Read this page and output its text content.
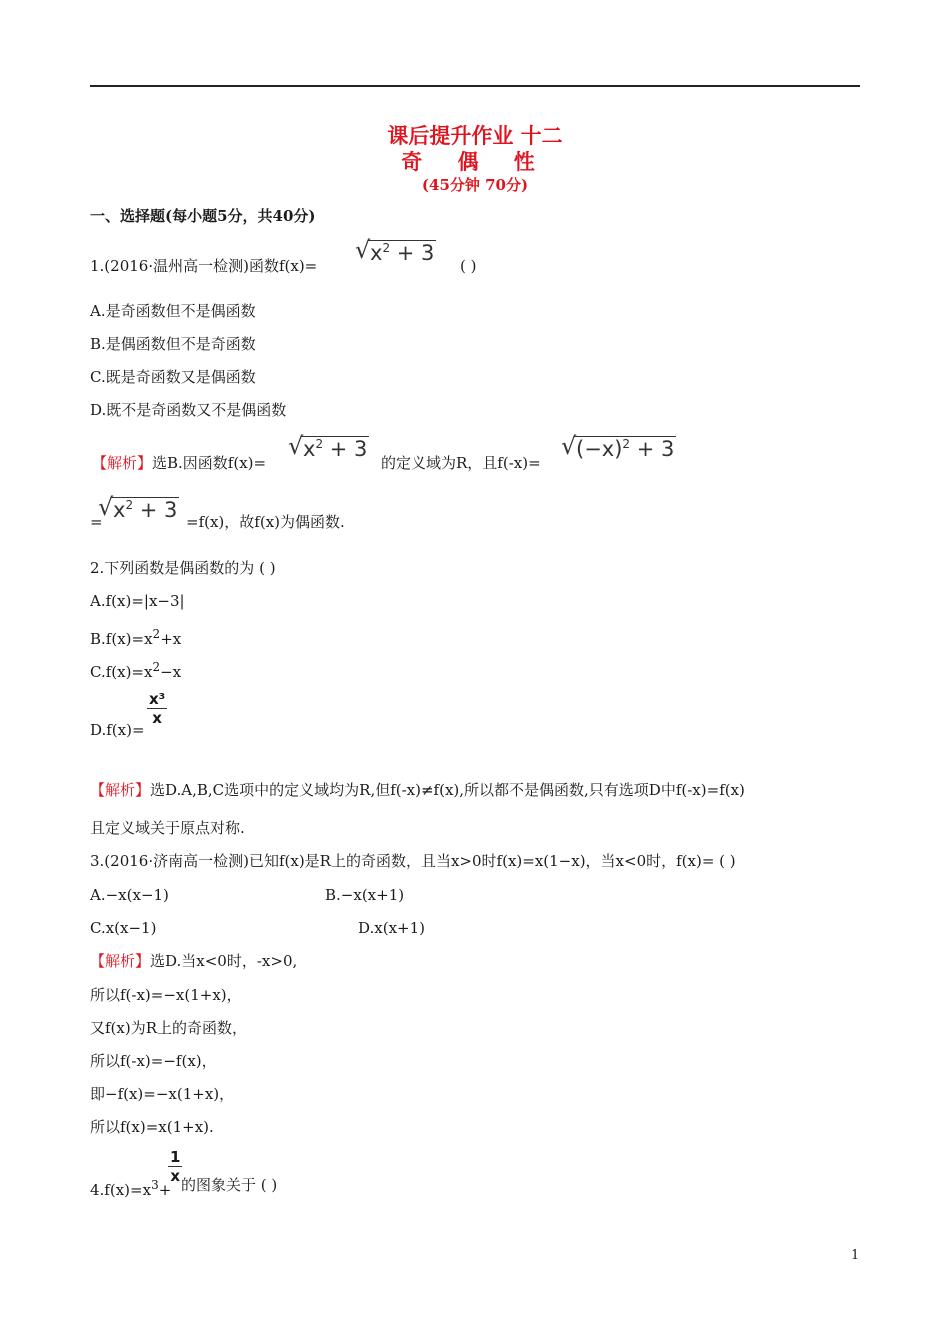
课后提升作业 十二
奇 偶 性
(45分钟 70分)
一、选择题(每小题5分，共40分)
1.(2016·温州高一检测)函数f(x)=
√ $x^2 + 3$
( )
A.是奇函数但不是偶函数
B.是偶函数但不是奇函数
C.既是奇函数又是偶函数
D.既不是奇函数又不是偶函数
【解析】选B.因函数f(x)=
√ $x^2 + 3$
的定义域为R，且f(-x)=
√ $(-x)^2 + 3$
=
√ $x^2 + 3 =f(x)$，故f(x)为偶函数.
2.下列函数是偶函数的为 ( )
A.f(x)=|x−3|
$B.f(x)=x^2+x$
$C.f(x)=x^2-x$
D.f(x)=
$\frac{\text{x³}}{x}$
【解析】选D.A,B,C选项中的定义域均为R,但f(-x)≠f(x),所以都不是偶函数,只有选项D中f(-x)=f(x)
且定义域关于原点对称.
3.(2016·济南高一检测)已知f(x)是R上的奇函数，且当x>0时f(x)=x(1−x)，当x<0时，f(x)= ( )
A.−x(x−1)	B.−x(x+1)
C.x(x−1)	D.x(x+1)
【解析】选D.当x<0时，-x>0,
所以f(-x)=−x(1+x)，
又f(x)为R上的奇函数，
所以f(-x)=−f(x)，
即−f(x)=−x(1+x)，
所以f(x)=x(1+x).
$4.f(x)=x^3+$
$\frac{1}{x}$
的图象关于 ( )
1
